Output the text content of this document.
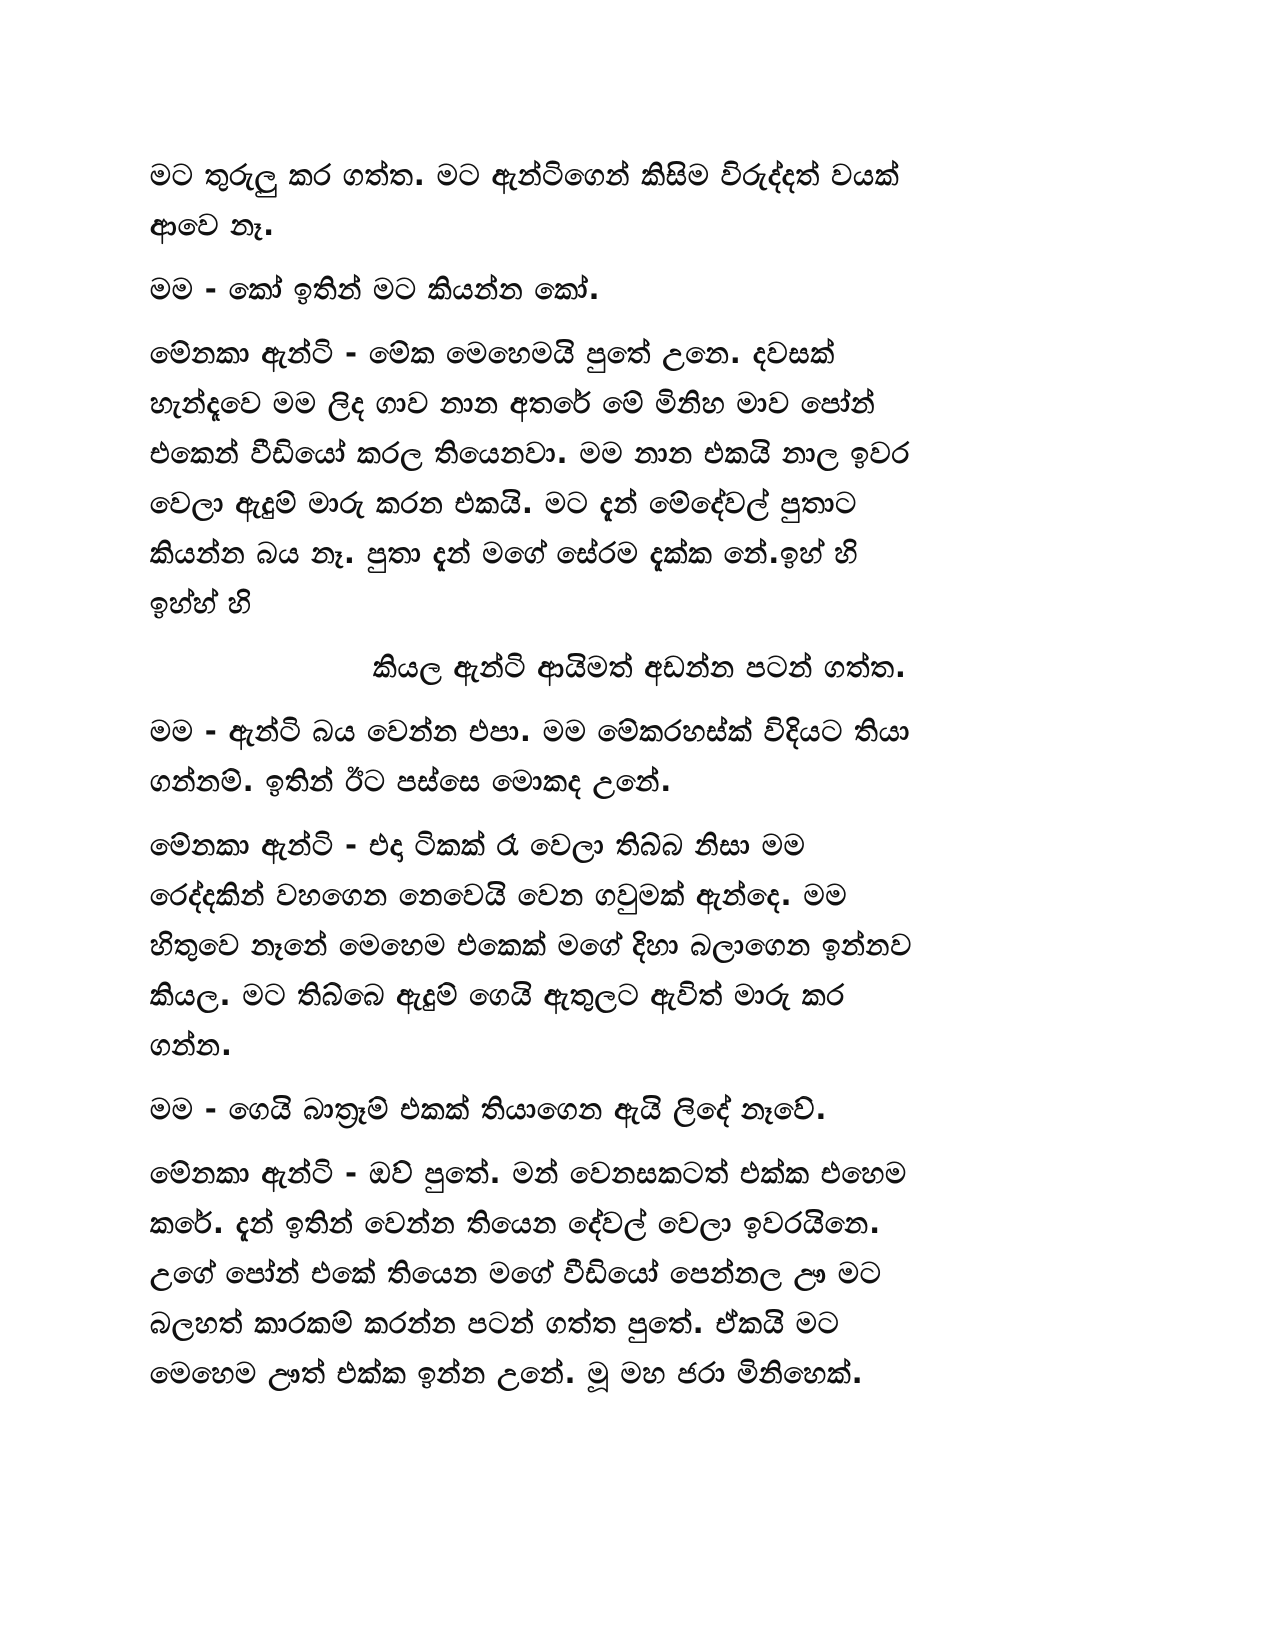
මට තුරුලු කර ගත්ත. මට ඇන්ටිගෙන් කිසිම විරුද්දත් වයක්
ආවෙ නෑ.

මම - කෝ ඉතින් මට කියන්න කෝ.

මේනකා ඇන්ටි - මේක මෙහෙමයි පුතේ උනෙ. දවසක්
හැන්දෑවෙ මම ලිද ගාව නාන අතරේ මේ මිනිහ මාව පෝන්
එකෙන් වීඩියෝ කරල තියෙනවා. මම නාන එකයි නාල ඉවර
වෙලා ඇදුම් මාරු කරන එකයි. මට දැන් මේදේවල් පුතාට
කියන්න බය නෑ. පුතා දැන් මගේ සේරම දැක්ක නේ.ඉහ් හි
ඉහ්හ් හි

කියල ඇන්ටි ආයිමත් අඩන්න පටන් ගත්ත.

මම - ඇන්ටි බය වෙන්න එපා. මම මේකරහස්ක් විදියට තියා
ගන්නම්. ඉතින් ඊට පස්සෙ මොකද උනේ.

මේනකා ඇන්ටි - එදා ටිකක් රෑ වෙලා තිබ්බ නිසා මම
රෙද්දකින් වහගෙන නෙවෙයි වෙන ගවුමක් ඇන්දෙ. මම
හිතුවෙ නෑනේ මෙහෙම එකෙක් මගේ දිහා බලාගෙන ඉන්නව
කියල. මට තිබ්බෙ ඇදුම් ගෙයි ඇතුලට ඇවිත් මාරු කර
ගන්න.

මම - ගෙයි බාත්‍රෑම් එකක් තියාගෙන ඇයි ලිදේ නෑවේ.

මේනකා ඇන්ටි - ඔව් පුතේ. මන් වෙනසකටත් එක්ක එහෙම
කරේ. දැන් ඉතින් වෙන්න තියෙන දේවල් වෙලා ඉවරයිනෙ.
උගේ පෝන් එකේ තියෙන මගේ වීඩියෝ පෙන්නල ඌ මට
බලහත් කාරකම් කරන්න පටන් ගත්ත පුතේ. ඒකයි මට
මෙහෙම ඌත් එක්ක ඉන්න උනේ. මූ මහ ජරා මිනිහෙක්.
